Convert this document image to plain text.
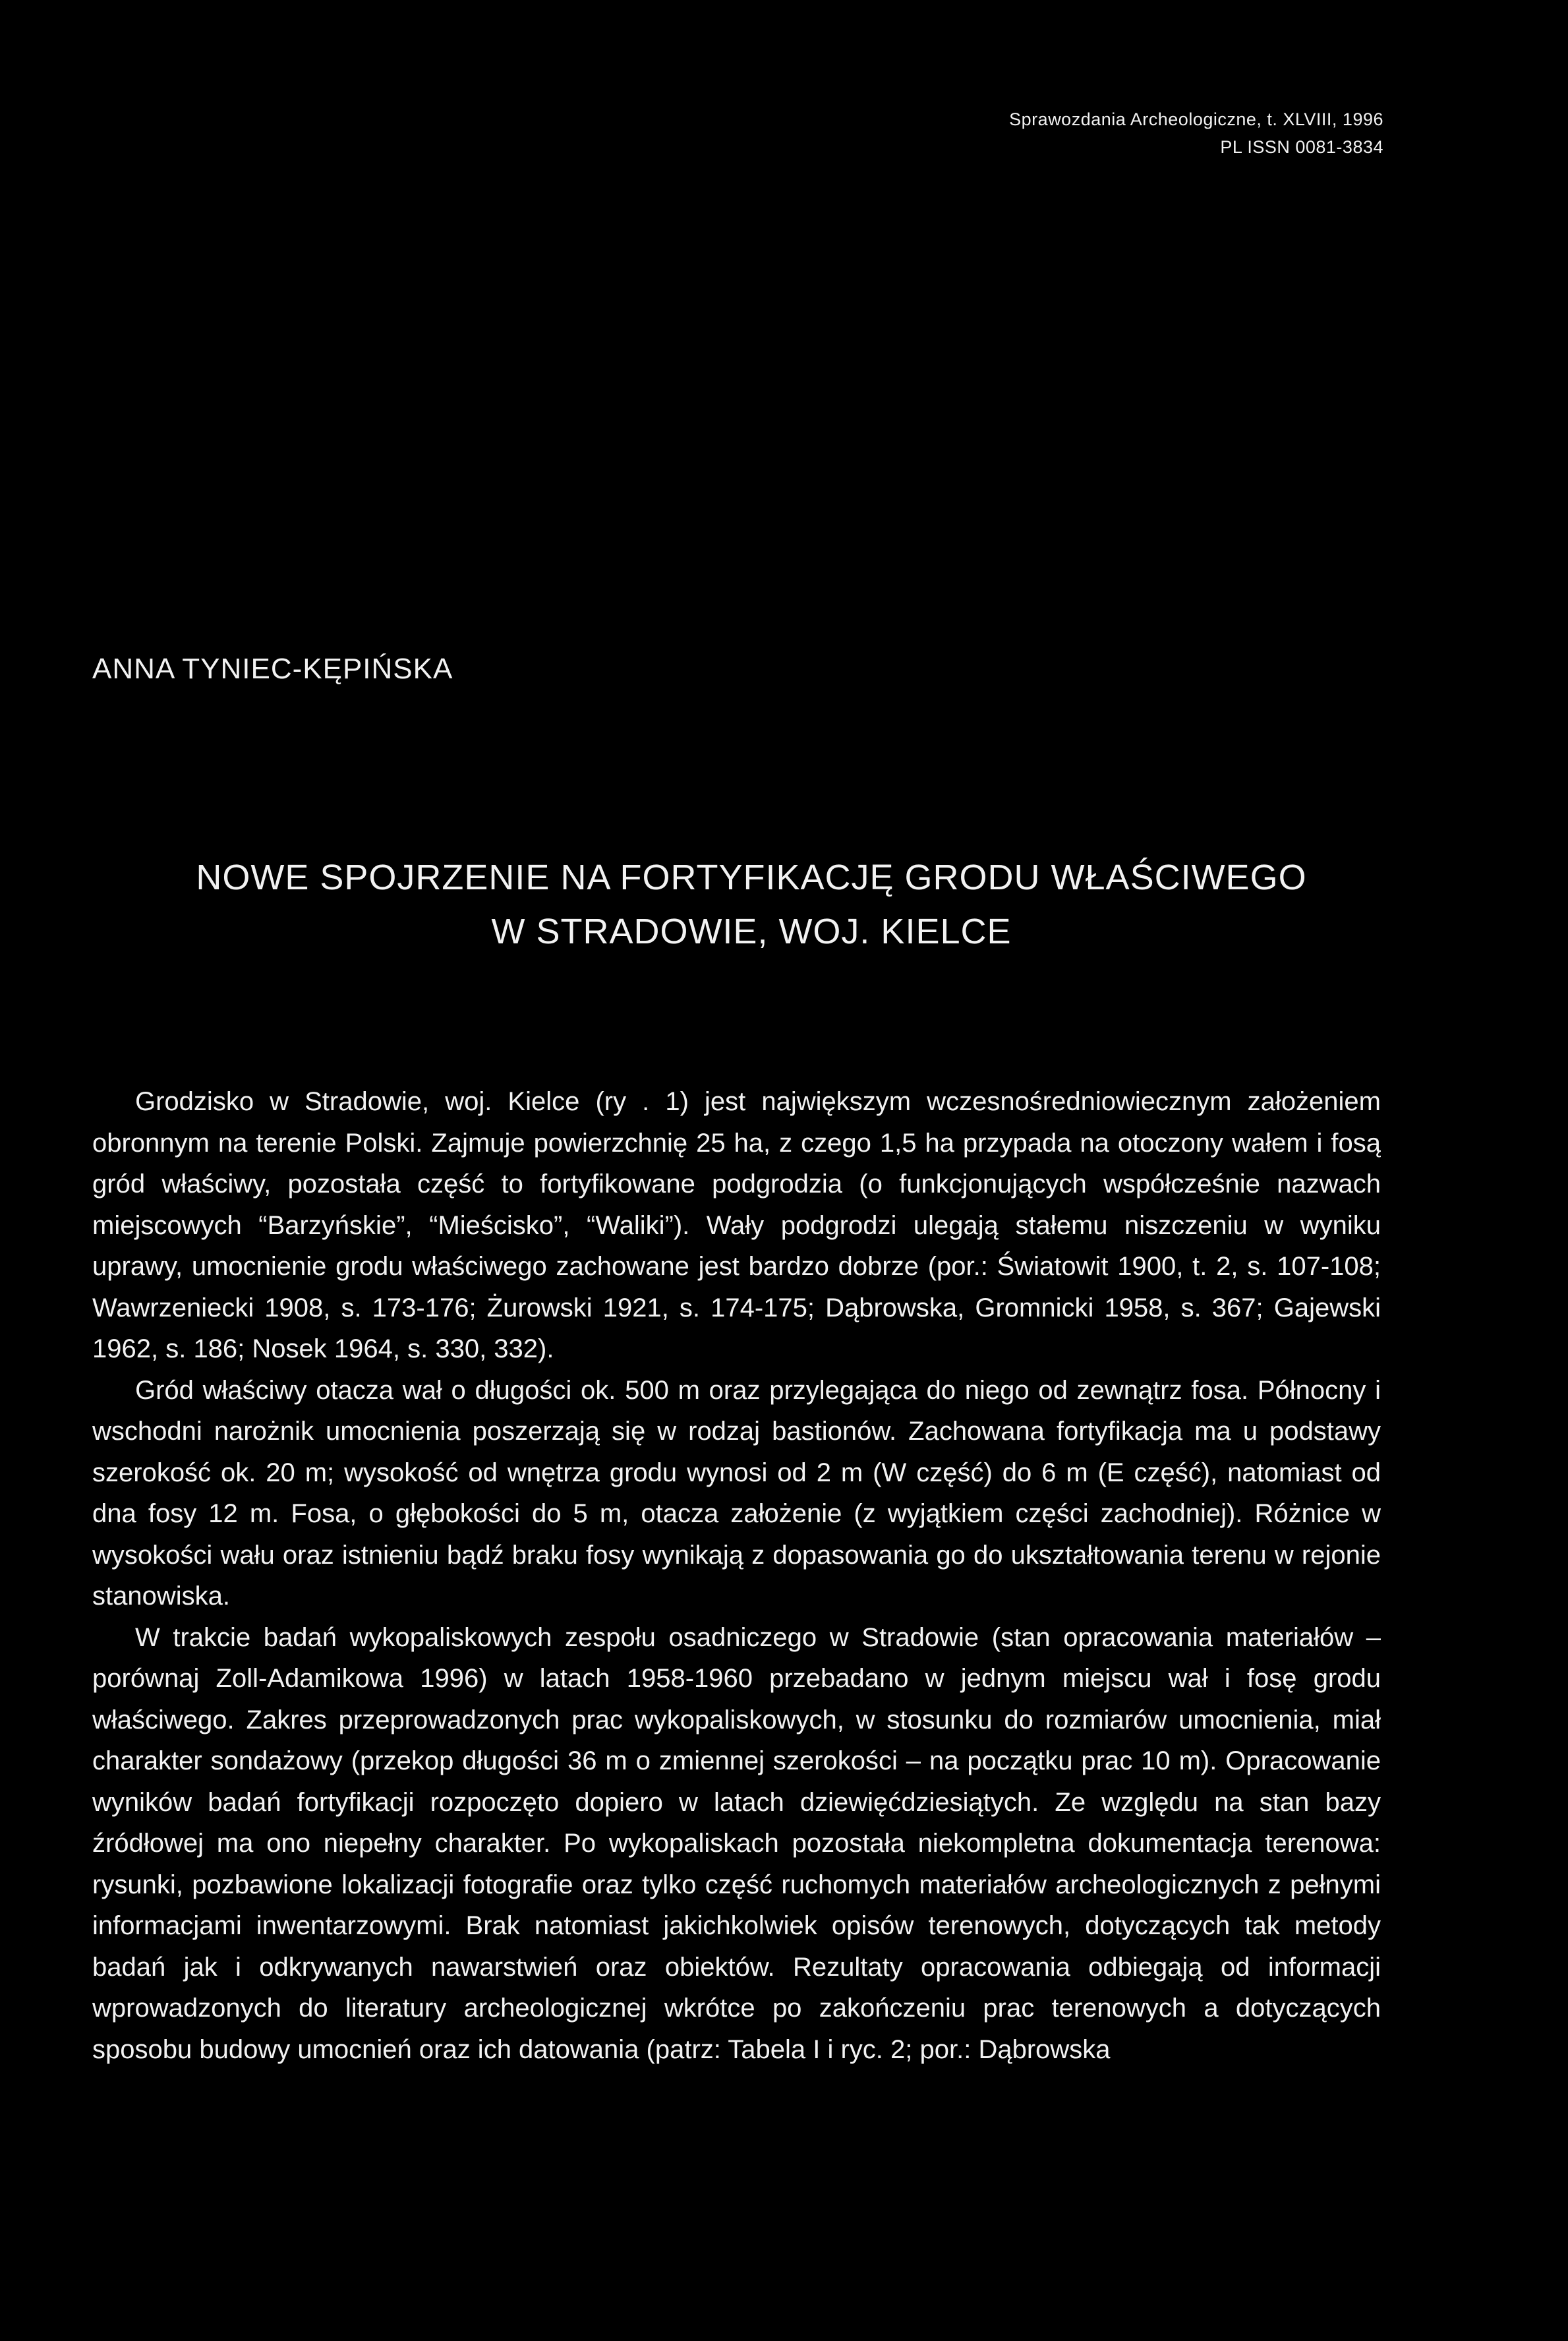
Sprawozdania Archeologiczne, t. XLVIII, 1996
PL ISSN 0081-3834
ANNA TYNIEC-KĘPIŃSKA
NOWE SPOJRZENIE NA FORTYFIKACJĘ GRODU WŁAŚCIWEGO
W STRADOWIE, WOJ. KIELCE

Grodzisko w Stradowie, woj. Kielce (ry . 1) jest największym wczesnośredniowiecznym założeniem obronnym na terenie Polski. Zajmuje powierzchnię 25 ha, z czego 1,5 ha przypada na otoczony wałem i fosą gród właściwy, pozostała część to fortyfikowane podgrodzia (o funkcjonujących współcześnie nazwach miejscowych “Barzyńskie”, “Mieścisko”, “Waliki”). Wały podgrodzi ulegają stałemu niszczeniu w wyniku uprawy, umocnienie grodu właściwego zachowane jest bardzo dobrze (por.: Światowit 1900, t. 2, s. 107-108; Wawrzeniecki 1908, s. 173-176; Żurowski 1921, s. 174-175; Dąbrowska, Gromnicki 1958, s. 367; Gajewski 1962, s. 186; Nosek 1964, s. 330, 332).

Gród właściwy otacza wał o długości ok. 500 m oraz przylegająca do niego od zewnątrz fosa. Północny i wschodni narożnik umocnienia poszerzają się w rodzaj bastionów. Zachowana fortyfikacja ma u podstawy szerokość ok. 20 m; wysokość od wnętrza grodu wynosi od 2 m (W część) do 6 m (E część), natomiast od dna fosy 12 m. Fosa, o głębokości do 5 m, otacza założenie (z wyjątkiem części zachodniej). Różnice w wysokości wału oraz istnieniu bądź braku fosy wynikają z dopasowania go do ukształtowania terenu w rejonie stanowiska.

W trakcie badań wykopaliskowych zespołu osadniczego w Stradowie (stan opracowania materiałów – porównaj Zoll-Adamikowa 1996) w latach 1958-1960 przebadano w jednym miejscu wał i fosę grodu właściwego. Zakres przeprowadzonych prac wykopaliskowych, w stosunku do rozmiarów umocnienia, miał charakter sondażowy (przekop długości 36 m o zmiennej szerokości – na początku prac 10 m). Opracowanie wyników badań fortyfikacji rozpoczęto dopiero w latach dziewięćdziesiątych. Ze względu na stan bazy źródłowej ma ono niepełny charakter. Po wykopaliskach pozostała niekompletna dokumentacja terenowa: rysunki, pozbawione lokalizacji fotografie oraz tylko część ruchomych materiałów archeologicznych z pełnymi informacjami inwentarzowymi. Brak natomiast jakichkolwiek opisów terenowych, dotyczących tak metody badań jak i odkrywanych nawarstwień oraz obiektów. Rezultaty opracowania odbiegają od informacji wprowadzonych do literatury archeologicznej wkrótce po zakończeniu prac terenowych a dotyczących sposobu budowy umocnień oraz ich datowania (patrz: Tabela I i ryc. 2; por.: Dąbrowska
